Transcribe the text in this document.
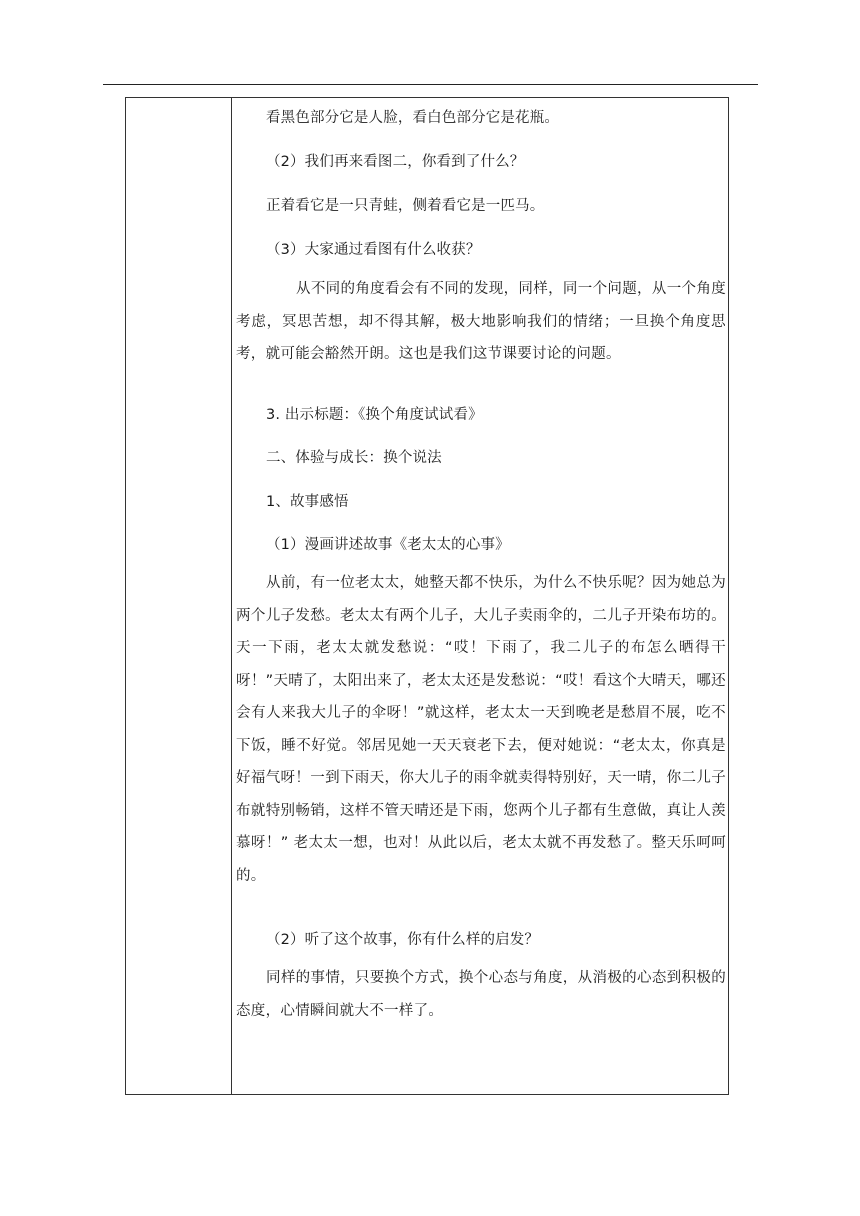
看黑色部分它是人脸，看白色部分它是花瓶。
（2）我们再来看图二，你看到了什么？
正着看它是一只青蛙，侧着看它是一匹马。
（3）大家通过看图有什么收获？
从不同的角度看会有不同的发现，同样，同一个问题，从一个角度考虑，冥思苦想，却不得其解，极大地影响我们的情绪；一旦换个角度思考，就可能会豁然开朗。这也是我们这节课要讨论的问题。
3. 出示标题：《换个角度试试看》
二、体验与成长：换个说法
1、故事感悟
（1）漫画讲述故事《老太太的心事》
从前，有一位老太太，她整天都不快乐，为什么不快乐呢？因为她总为两个儿子发愁。老太太有两个儿子，大儿子卖雨伞的，二儿子开染布坊的。天一下雨，老太太就发愁说：“哎！下雨了，我二儿子的布怎么晒得干呀！”天晴了，太阳出来了，老太太还是发愁说：“哎！看这个大晴天，哪还会有人来我大儿子的伞呀！”就这样，老太太一天到晚老是愁眉不展，吃不下饭，睡不好觉。邻居见她一天天衰老下去，便对她说：“老太太，你真是好福气呀！一到下雨天，你大儿子的雨伞就卖得特别好，天一晴，你二儿子布就特别畅销，这样不管天晴还是下雨，您两个儿子都有生意做，真让人羡慕呀！” 老太太一想，也对！从此以后，老太太就不再发愁了。整天乐呵呵的。
（2）听了这个故事，你有什么样的启发？
同样的事情，只要换个方式，换个心态与角度，从消极的心态到积极的态度，心情瞬间就大不一样了。
